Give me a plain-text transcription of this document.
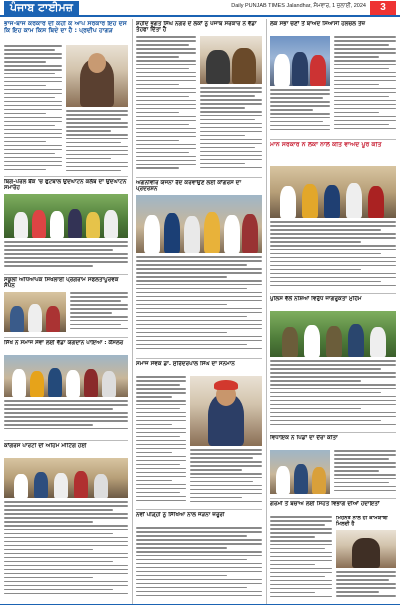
ਪੰਜਾਬ ਟਾਈਮਜ਼	Daily PUNJAB TIMES Jalandhar, ਸੋਮਵਾਰ, 1 ਜੁਲਾਈ, 2024	3
ਭਾਜ-ਬਾਜ ਕਰਕਾਰ ਦੀ ਕਹੀ ਕੇ ਆਪ ਸਰਕਾਰ ਇਹ ਦੱਸੇ ਕਿ ਇਹ ਕਾਮ ਕਿਸ ਬਿਦੇ ਦਾ ਹੈ : ਪ੍ਰਦੀਪ ਹਾਗੜ
ਬਿਗ-ਪੇਰਲ ਬੈਂਕ 'ਚ ਫੁਟਬਾਲ ਉਦਘਾਟਨ ਕਲੱਬ ਦਾ ਉਦਘਾਟਨ ਸਮਾਰੋਹ
ਸਕੂਲੀ ਅਧਿਆਪਕ ਸਿਖਲਾਈ ਪ੍ਰੋਗਰਾਮ ਸਫਲਤਾਪੂਰਵਕ ਸੰਪੰਨ
ਸਿੱਖ ਨੇ ਸਮਾਜ ਸੇਵਾ ਲਈ ਵੱਡਾ ਯੋਗਦਾਨ ਪਾਇਆ : ਕੌਂਸਲਰ
ਕਾਂਗਰਸ ਪਾਰਟੀ ਦੀ ਅਹਿਮ ਮੀਟਿੰਗ ਹੋਈ
ਸ਼ਹੀਦ ਭਗਤ ਸਿੰਘ ਨਗਰ ਦੇ ਲੋਕਾਂ ਨੂੰ ਪੰਜਾਬ ਸਰਕਾਰ ਨੇ ਵੱਡਾ ਤੋਹਫਾ ਦਿੱਤਾ ਹੈ
ਅਗਨੀਵੀਰ ਯੋਜਨਾ ਰੱਦ ਕਰਵਾਉਣ ਲਈ ਕਾਂਗਰਸ ਦਾ ਪ੍ਰਦਰਸ਼ਨ
ਸਮਾਜ ਸੇਵਕ ਡਾ. ਸੁਰਿੰਦਰਪਾਲ ਸਿੰਘ ਦਾ ਸਨਮਾਨ
ਨਵੀਂ ਪੀੜ੍ਹੀ ਨੂੰ ਸਿੱਖਿਆ ਨਾਲ ਜੋੜਨਾ ਜ਼ਰੂਰੀ
ਲੋਕ ਸਭਾ ਚੋਣਾਂ ਤੋਂ ਬਾਅਦ ਸਿਆਸੀ ਹਲਚਲ ਤੇਜ਼
ਮਾਨ ਸਰਕਾਰ ਨੇ ਲੋਕਾਂ ਨਾਲ ਕੀਤੇ ਵਾਅਦੇ ਪੂਰੇ ਕੀਤੇ
ਪੁਲਿਸ ਵੱਲੋਂ ਨਸ਼ਿਆਂ ਵਿਰੁੱਧ ਜਾਗਰੂਕਤਾ ਮੁਹਿੰਮ
ਵਿਧਾਇਕ ਨੇ ਪਿੰਡਾਂ ਦਾ ਦੌਰਾ ਕੀਤਾ
ਗਰਮੀ ਤੋਂ ਬਚਾਅ ਲਈ ਸਿਹਤ ਵਿਭਾਗ ਦੀਆਂ ਹਦਾਇਤਾਂ
ਮਿਹਨਤ ਨਾਲ ਹੀ ਕਾਮਯਾਬੀ ਮਿਲਦੀ ਹੈ
